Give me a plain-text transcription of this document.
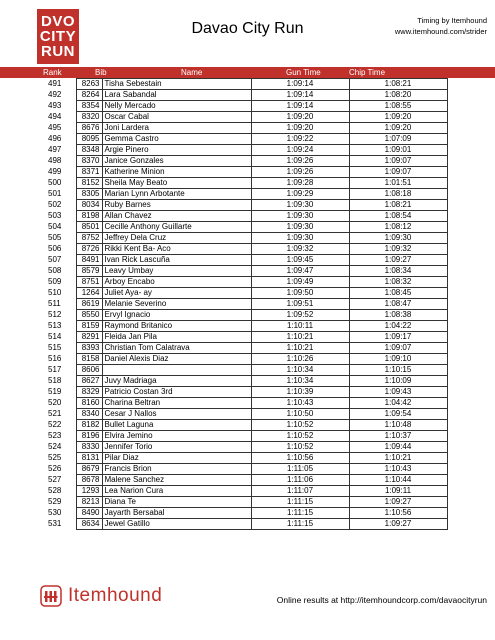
DVO
CITY
RUN
Davao City Run	Timing by Itemhound
www.itemhound.com/strider
Rank	Bib	Name	Gun Time	Chip Time
491	8263	Tisha Sebestain	1:09:14	1:08:21
492	8264	Lara Sabandal	1:09:14	1:08:20
493	8354	Nelly Mercado	1:09:14	1:08:55
494	8320	Oscar Cabal	1:09:20	1:09:20
495	8676	Joni Lardera	1:09:20	1:09:20
496	8095	Gemma Castro	1:09:22	1:07:09
497	8348	Argie Pinero	1:09:24	1:09:01
498	8370	Janice Gonzales	1:09:26	1:09:07
499	8371	Katherine Minion	1:09:26	1:09:07
500	8152	Sheila May Beato	1:09:28	1:01:51
501	8305	Marian Lynn Arbotante	1:09:29	1:08:18
502	8034	Ruby Barnes	1:09:30	1:08:21
503	8198	Allan Chavez	1:09:30	1:08:54
504	8501	Cecille Anthony Guillarte	1:09:30	1:08:12
505	8752	Jeffrey Dela Cruz	1:09:30	1:09:30
506	8726	Rikki Kent Ba- Aco	1:09:32	1:09:32
507	8491	Ivan Rick Lascuña	1:09:45	1:09:27
508	8579	Leavy Umbay	1:09:47	1:08:34
509	8751	Arboy Encabo	1:09:49	1:08:32
510	1264	Juliet Aya- ay	1:09:50	1:08:45
511	8619	Melanie Severino	1:09:51	1:08:47
512	8550	Ervyl Ignacio	1:09:52	1:08:38
513	8159	Raymond Britanico	1:10:11	1:04:22
514	8291	Fleida Jan Pila	1:10:21	1:09:17
515	8393	Christian Tom Calatrava	1:10:21	1:09:07
516	8158	Daniel Alexis Diaz	1:10:26	1:09:10
517	8606		1:10:34	1:10:15
518	8627	Juvy Madriaga	1:10:34	1:10:09
519	8329	Patricio Costan 3rd	1:10:39	1:09:43
520	8160	Charina Beltran	1:10:43	1:04:42
521	8340	Cesar J Nallos	1:10:50	1:09:54
522	8182	Bullet Laguna	1:10:52	1:10:48
523	8196	Elvira Jemino	1:10:52	1:10:37
524	8330	Jennifer Torio	1:10:52	1:09:44
525	8131	Pilar Diaz	1:10:56	1:10:21
526	8679	Francis Brion	1:11:05	1:10:43
527	8678	Malene Sanchez	1:11:06	1:10:44
528	1293	Lea Narion Cura	1:11:07	1:09:11
529	8213	Diana Te	1:11:15	1:09:27
530	8490	Jayarth Bersabal	1:11:15	1:10:56
531	8634	Jewel Gatillo	1:11:15	1:09:27
Itemhound	Online results at http://itemhoundcorp.com/davaocityrun
